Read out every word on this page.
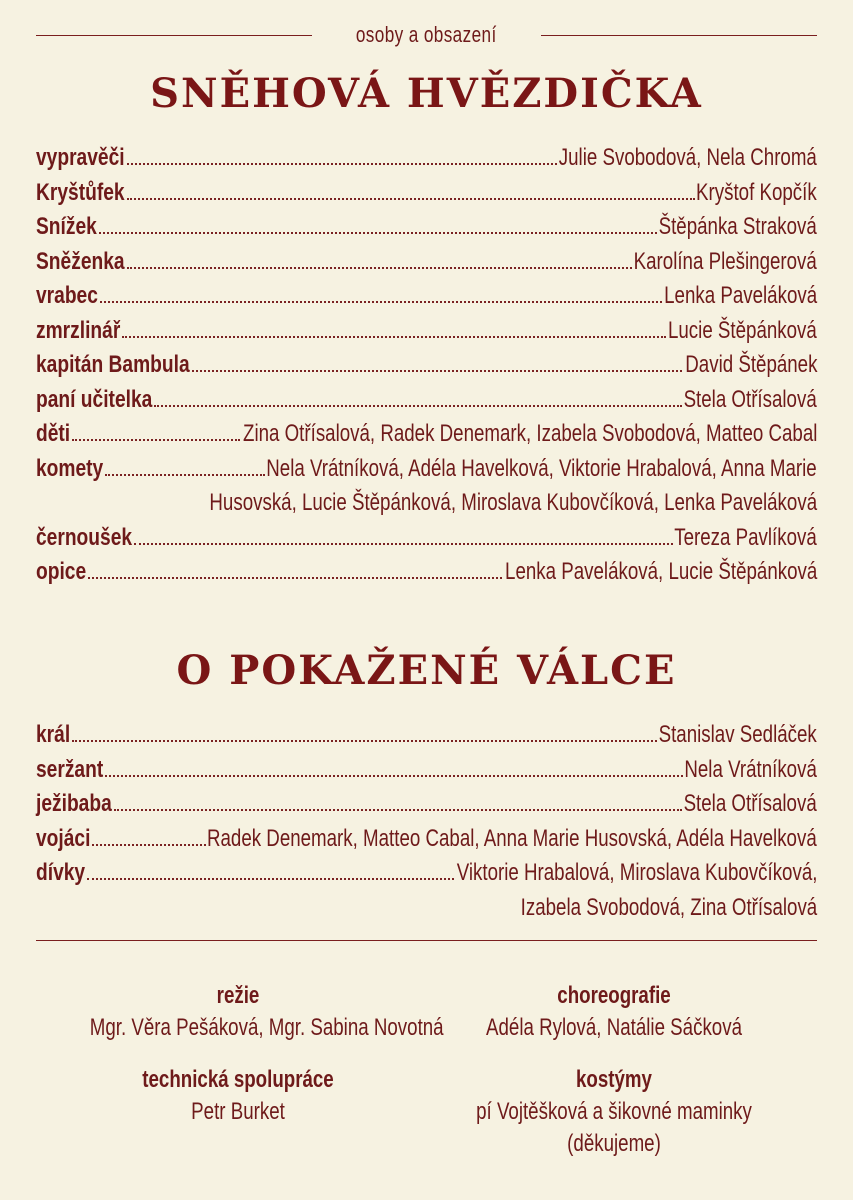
osoby a obsazení
SNĚHOVÁ HVĚZDIČKA
vypravěči	Julie Svobodová, Nela Chromá
Kryštůfek	Kryštof Kopčík
Snížek	Štěpánka Straková
Sněženka	Karolína Plešingerová
vrabec	Lenka Paveláková
zmrzlinář	Lucie Štěpánková
kapitán Bambula	David Štěpánek
paní učitelka	Stela Otřísalová
děti	Zina Otřísalová, Radek Denemark, Izabela Svobodová, Matteo Cabal
komety	Nela Vrátníková, Adéla Havelková, Viktorie Hrabalová, Anna Marie
Husovská, Lucie Štěpánková, Miroslava Kubovčíková, Lenka Paveláková
černoušek	Tereza Pavlíková
opice	Lenka Paveláková, Lucie Štěpánková
O POKAŽENÉ VÁLCE
král	Stanislav Sedláček
seržant	Nela Vrátníková
ježibaba	Stela Otřísalová
vojáci	Radek Denemark, Matteo Cabal, Anna Marie Husovská, Adéla Havelková
dívky	Viktorie Hrabalová, Miroslava Kubovčíková,
Izabela Svobodová, Zina Otřísalová
režie
Mgr. Věra Pešáková, Mgr. Sabina Novotná
choreografie
Adéla Rylová, Natálie Sáčková
technická spolupráce
Petr Burket
kostýmy
pí Vojtěšková a šikovné maminky
(děkujeme)
